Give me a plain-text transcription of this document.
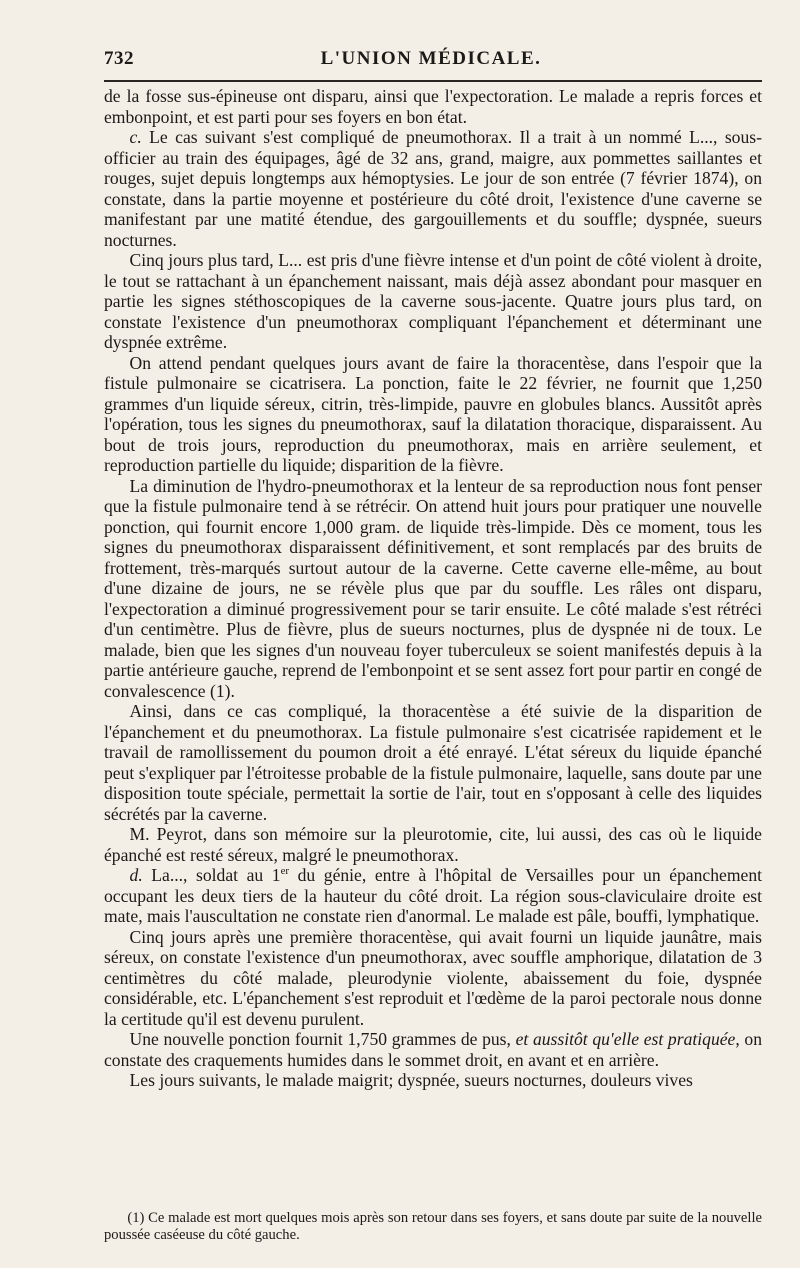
732	L'UNION MÉDICALE.

de la fosse sus-épineuse ont disparu, ainsi que l'expectoration. Le malade a repris forces et embonpoint, et est parti pour ses foyers en bon état.

c. Le cas suivant s'est compliqué de pneumothorax. Il a trait à un nommé L..., sous-officier au train des équipages, âgé de 32 ans, grand, maigre, aux pommettes saillantes et rouges, sujet depuis longtemps aux hémoptysies. Le jour de son entrée (7 février 1874), on constate, dans la partie moyenne et postérieure du côté droit, l'existence d'une caverne se manifestant par une matité étendue, des gargouillements et du souffle; dyspnée, sueurs nocturnes.

Cinq jours plus tard, L... est pris d'une fièvre intense et d'un point de côté violent à droite, le tout se rattachant à un épanchement naissant, mais déjà assez abondant pour masquer en partie les signes stéthoscopiques de la caverne sous-jacente. Quatre jours plus tard, on constate l'existence d'un pneumothorax compliquant l'épanchement et déterminant une dyspnée extrême.

On attend pendant quelques jours avant de faire la thoracentèse, dans l'espoir que la fistule pulmonaire se cicatrisera. La ponction, faite le 22 février, ne fournit que 1,250 grammes d'un liquide séreux, citrin, très-limpide, pauvre en globules blancs. Aussitôt après l'opération, tous les signes du pneumothorax, sauf la dilatation thoracique, disparaissent. Au bout de trois jours, reproduction du pneumothorax, mais en arrière seulement, et reproduction partielle du liquide; disparition de la fièvre.

La diminution de l'hydro-pneumothorax et la lenteur de sa reproduction nous font penser que la fistule pulmonaire tend à se rétrécir. On attend huit jours pour pratiquer une nouvelle ponction, qui fournit encore 1,000 gram. de liquide très-limpide. Dès ce moment, tous les signes du pneumothorax disparaissent définitivement, et sont remplacés par des bruits de frottement, très-marqués surtout autour de la caverne. Cette caverne elle-même, au bout d'une dizaine de jours, ne se révèle plus que par du souffle. Les râles ont disparu, l'expectoration a diminué progressivement pour se tarir ensuite. Le côté malade s'est rétréci d'un centimètre. Plus de fièvre, plus de sueurs nocturnes, plus de dyspnée ni de toux. Le malade, bien que les signes d'un nouveau foyer tuberculeux se soient manifestés depuis à la partie antérieure gauche, reprend de l'embonpoint et se sent assez fort pour partir en congé de convalescence (1).

Ainsi, dans ce cas compliqué, la thoracentèse a été suivie de la disparition de l'épanchement et du pneumothorax. La fistule pulmonaire s'est cicatrisée rapidement et le travail de ramollissement du poumon droit a été enrayé. L'état séreux du liquide épanché peut s'expliquer par l'étroitesse probable de la fistule pulmonaire, laquelle, sans doute par une disposition toute spéciale, permettait la sortie de l'air, tout en s'opposant à celle des liquides sécrétés par la caverne.

M. Peyrot, dans son mémoire sur la pleurotomie, cite, lui aussi, des cas où le liquide épanché est resté séreux, malgré le pneumothorax.

d. La..., soldat au 1er du génie, entre à l'hôpital de Versailles pour un épanchement occupant les deux tiers de la hauteur du côté droit. La région sous-claviculaire droite est mate, mais l'auscultation ne constate rien d'anormal. Le malade est pâle, bouffi, lymphatique.

Cinq jours après une première thoracentèse, qui avait fourni un liquide jaunâtre, mais séreux, on constate l'existence d'un pneumothorax, avec souffle amphorique, dilatation de 3 centimètres du côté malade, pleurodynie violente, abaissement du foie, dyspnée considérable, etc. L'épanchement s'est reproduit et l'œdème de la paroi pectorale nous donne la certitude qu'il est devenu purulent.

Une nouvelle ponction fournit 1,750 grammes de pus, et aussitôt qu'elle est pratiquée, on constate des craquements humides dans le sommet droit, en avant et en arrière.

Les jours suivants, le malade maigrit; dyspnée, sueurs nocturnes, douleurs vives

(1) Ce malade est mort quelques mois après son retour dans ses foyers, et sans doute par suite de la nouvelle poussée caséeuse du côté gauche.
